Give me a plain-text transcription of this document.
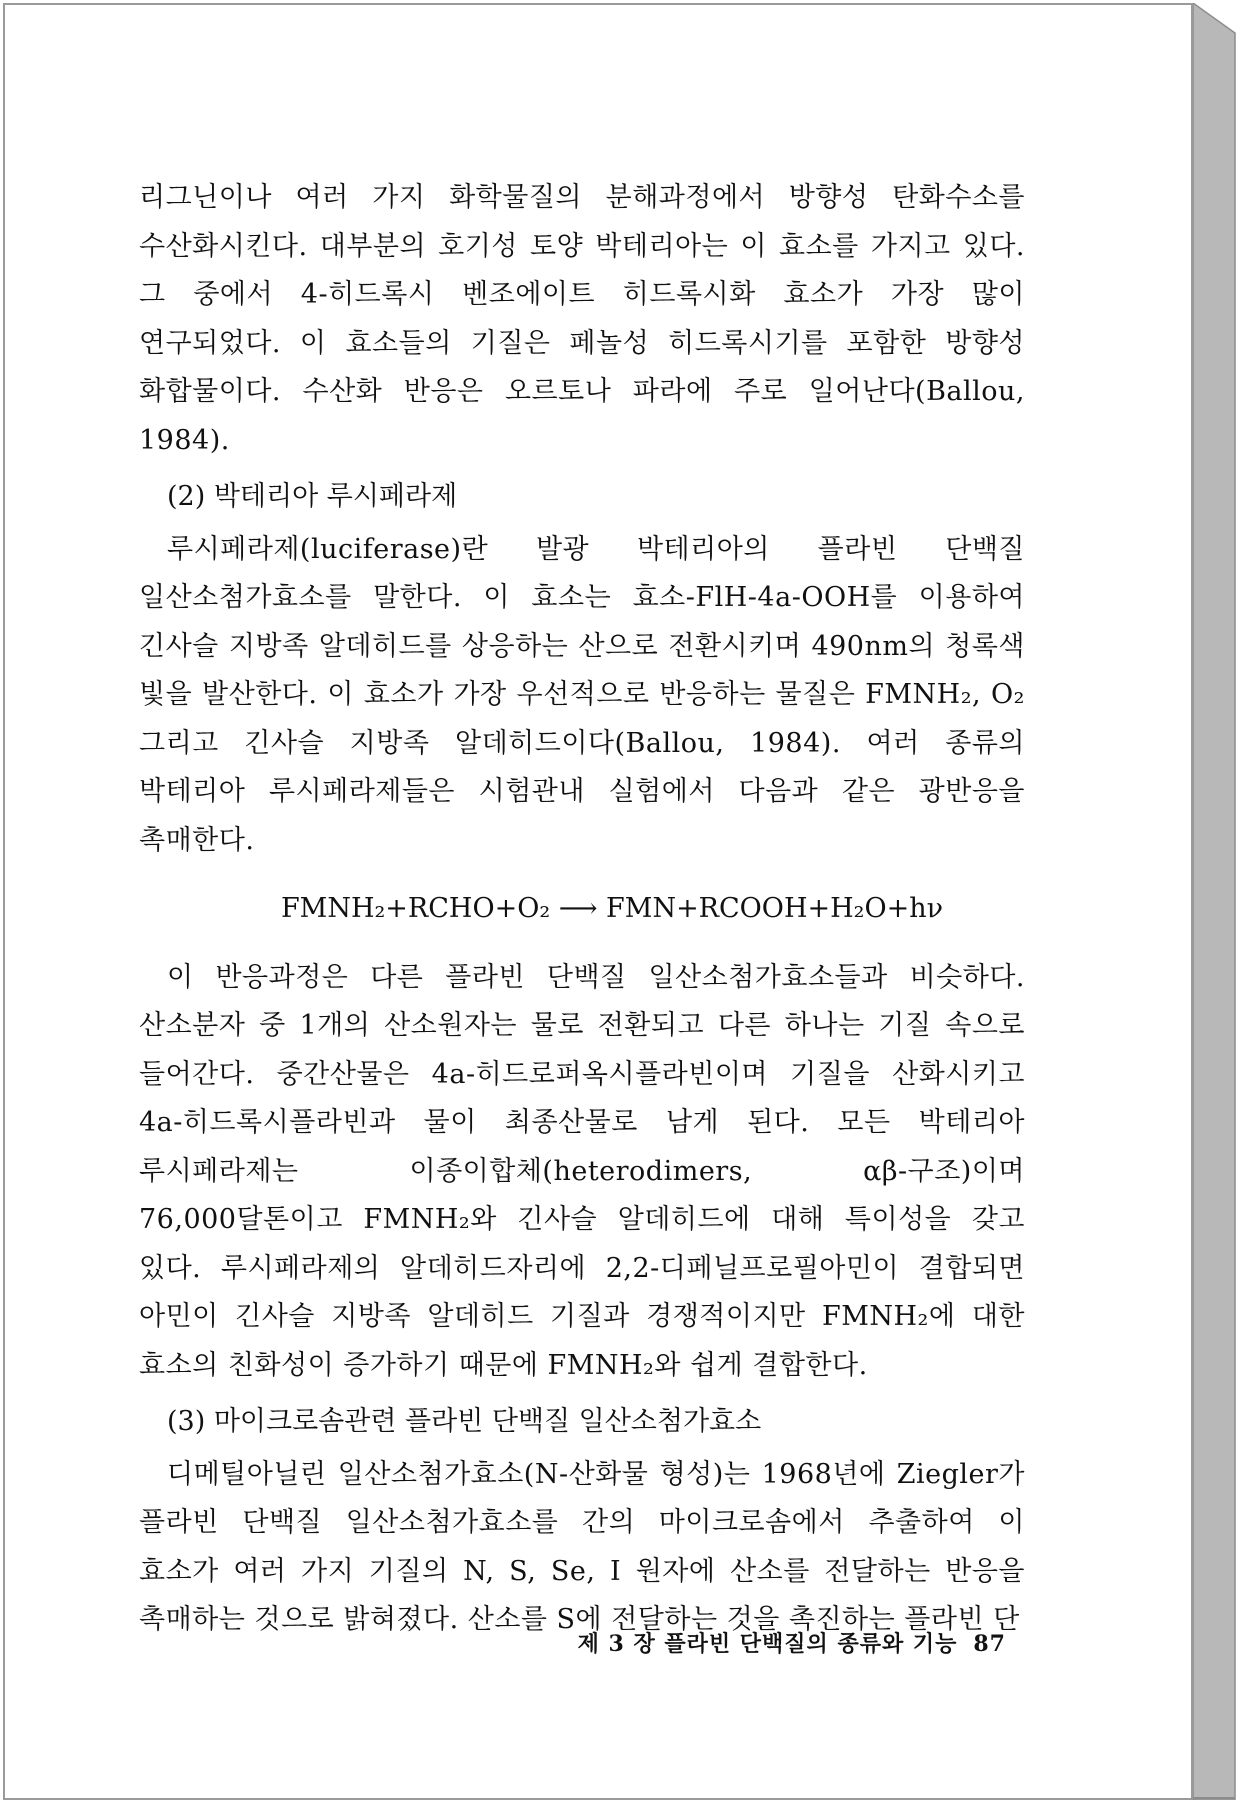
리그닌이나 여러 가지 화학물질의 분해과정에서 방향성 탄화수소를 수산화시킨다. 대부분의 호기성 토양 박테리아는 이 효소를 가지고 있다. 그 중에서 4-히드록시 벤조에이트 히드록시화 효소가 가장 많이 연구되었다. 이 효소들의 기질은 페놀성 히드록시기를 포함한 방향성 화합물이다. 수산화 반응은 오르토나 파라에 주로 일어난다(Ballou, 1984).

(2) 박테리아 루시페라제

루시페라제(luciferase)란 발광 박테리아의 플라빈 단백질 일산소첨가효소를 말한다. 이 효소는 효소-FlH-4a-OOH를 이용하여 긴사슬 지방족 알데히드를 상응하는 산으로 전환시키며 490nm의 청록색 빛을 발산한다. 이 효소가 가장 우선적으로 반응하는 물질은 FMNH₂, O₂ 그리고 긴사슬 지방족 알데히드이다(Ballou, 1984). 여러 종류의 박테리아 루시페라제들은 시험관내 실험에서 다음과 같은 광반응을 촉매한다.

FMNH₂+RCHO+O₂ ⟶ FMN+RCOOH+H₂O+hν

이 반응과정은 다른 플라빈 단백질 일산소첨가효소들과 비슷하다. 산소분자 중 1개의 산소원자는 물로 전환되고 다른 하나는 기질 속으로 들어간다. 중간산물은 4a-히드로퍼옥시플라빈이며 기질을 산화시키고 4a-히드록시플라빈과 물이 최종산물로 남게 된다. 모든 박테리아 루시페라제는 이종이합체(heterodimers, αβ-구조)이며 76,000달톤이고 FMNH₂와 긴사슬 알데히드에 대해 특이성을 갖고 있다. 루시페라제의 알데히드자리에 2,2-디페닐프로필아민이 결합되면 아민이 긴사슬 지방족 알데히드 기질과 경쟁적이지만 FMNH₂에 대한 효소의 친화성이 증가하기 때문에 FMNH₂와 쉽게 결합한다.

(3) 마이크로솜관련 플라빈 단백질 일산소첨가효소

디메틸아닐린 일산소첨가효소(N-산화물 형성)는 1968년에 Ziegler가 플라빈 단백질 일산소첨가효소를 간의 마이크로솜에서 추출하여 이 효소가 여러 가지 기질의 N, S, Se, I 원자에 산소를 전달하는 반응을 촉매하는 것으로 밝혀졌다. 산소를 S에 전달하는 것을 촉진하는 플라빈 단

제 3 장 플라빈 단백질의 종류와 기능 87
